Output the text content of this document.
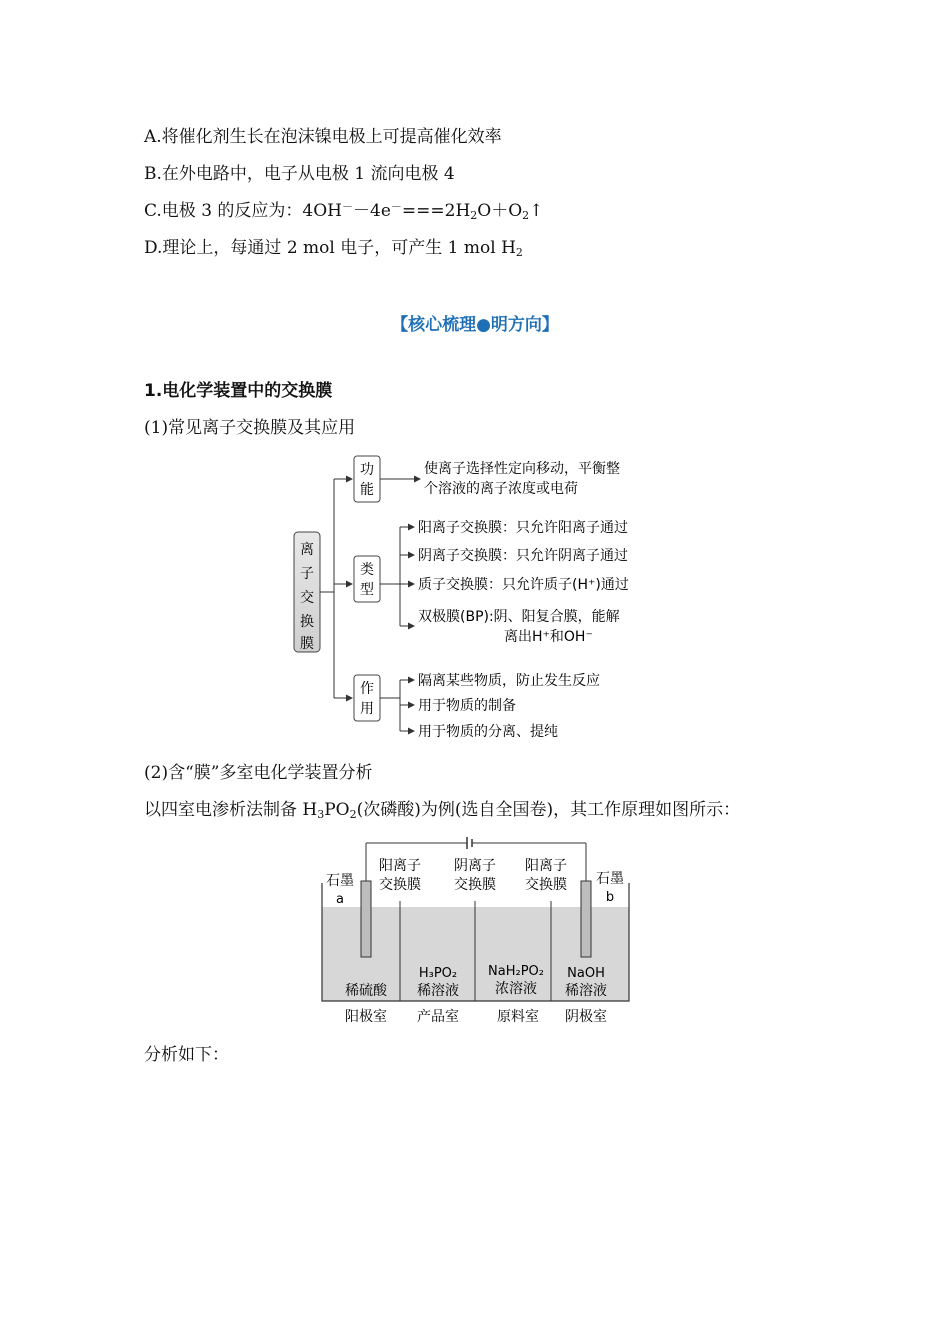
A.将催化剂生长在泡沫镍电极上可提高催化效率
B.在外电路中，电子从电极 1 流向电极 4
C.电极 3 的反应为：$4OH^--4e^-===2H_2O+O_2↑$
D.理论上，每通过 2 mol 电子，可产生 1 mol $H_2$
【核心梳理●明方向】
1.电化学装置中的交换膜
(1)常见离子交换膜及其应用
离
子
交
换
膜
功
能
使离子选择性定向移动，平衡整
个溶液的离子浓度或电荷
类
型
阳离子交换膜：只允许阳离子通过
阴离子交换膜：只允许阴离子通过
质子交换膜：只允许质子(H⁺)通过
双极膜(BP):阴、阳复合膜，能解
离出H⁺和OH⁻
作
用
隔离某些物质，防止发生反应
用于物质的制备
用于物质的分离、提纯
(2)含“膜”多室电化学装置分析
以四室电渗析法制备 $H_3PO_2$(次磷酸)为例(选自全国卷)，其工作原理如图所示：
阳离子
交换膜
阴离子
交换膜
阳离子
交换膜
石墨
a
石墨
b
稀硫酸
H₃PO₂
稀溶液
NaH₂PO₂
浓溶液
NaOH
稀溶液
阳极室 产品室	原料室 阴极室
分析如下：
